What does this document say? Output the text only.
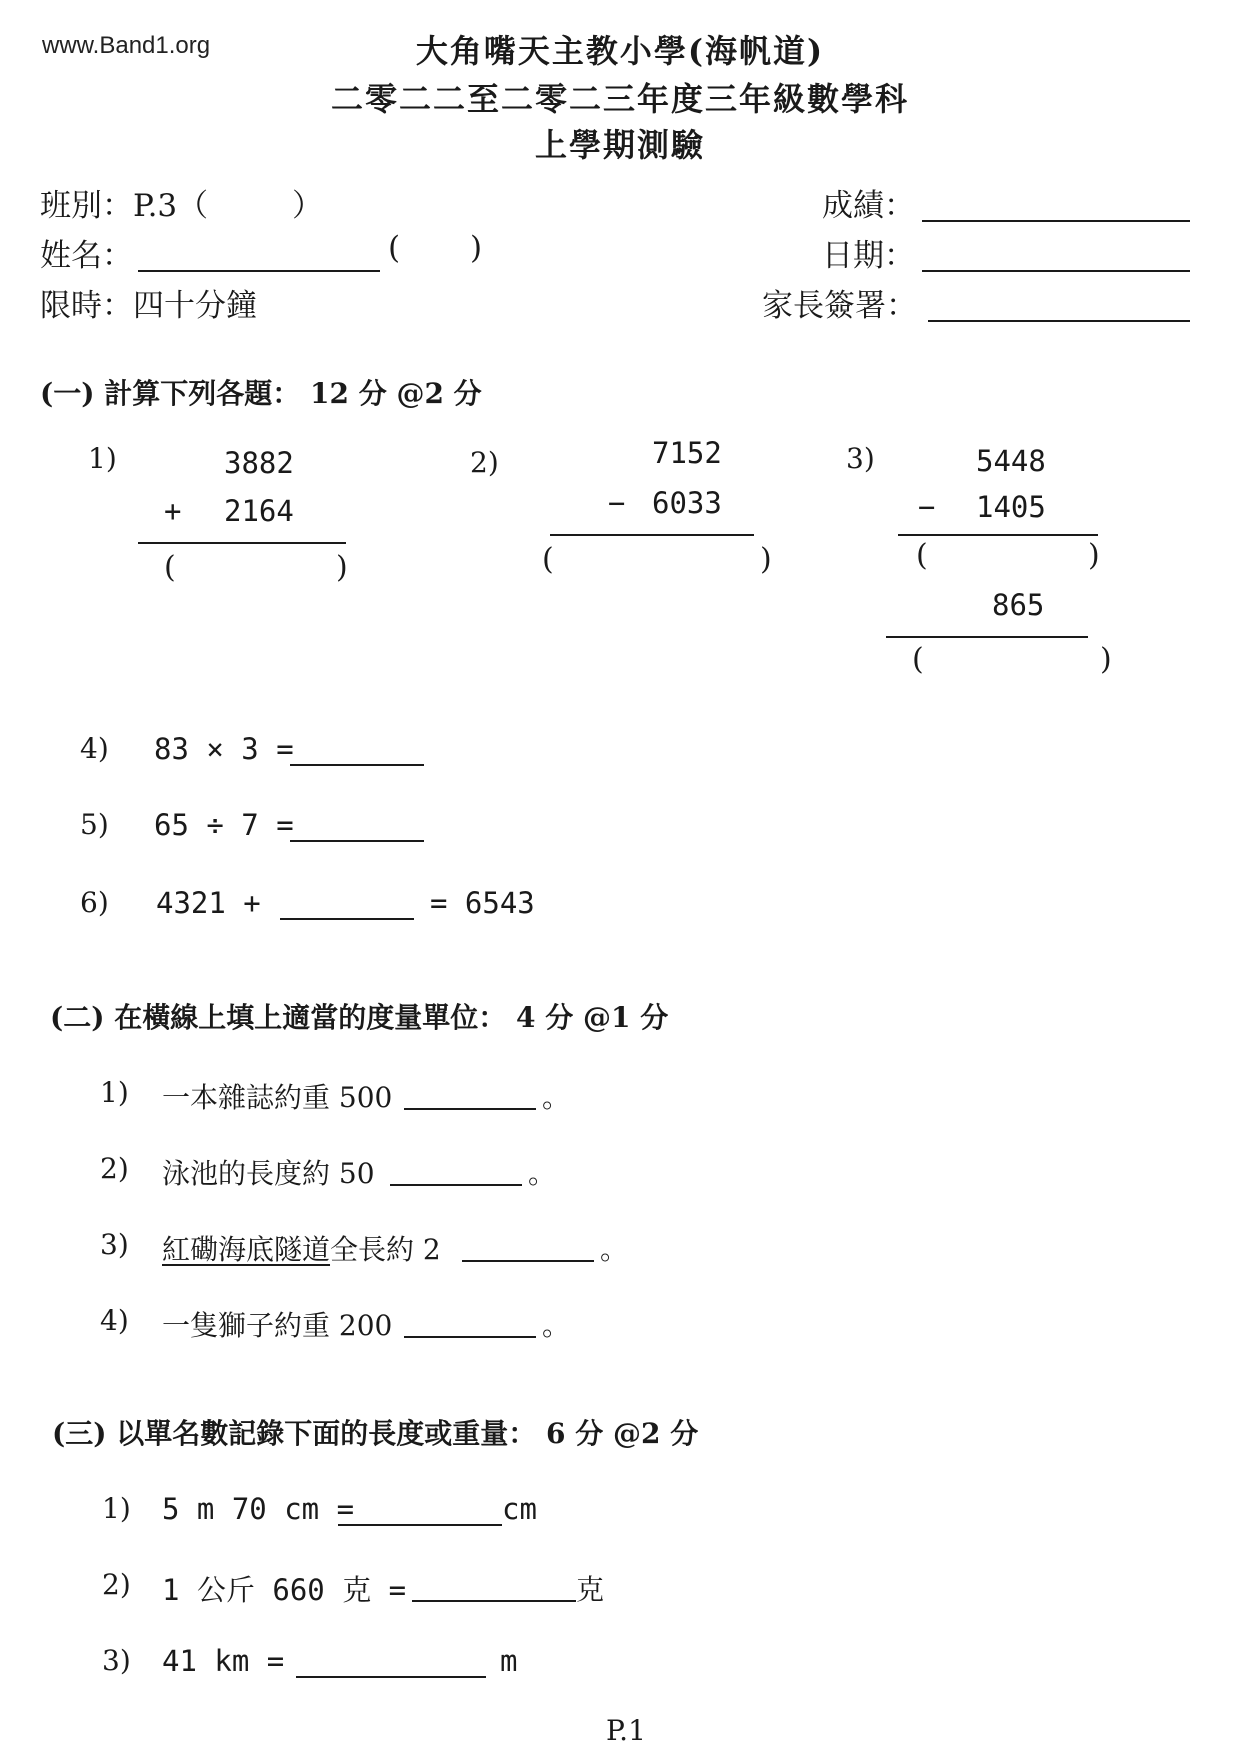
www.Band1.org	大角嘴天主教小學(海帆道)
二零二二至二零二三年度三年級數學科
上學期測驗
班別：P.3（	）
姓名：	( )
限時：四十分鐘
成績：
日期：
家長簽署：
(一) 計算下列各題： 12 分 @2 分
1)	3882
+ 2164
(	)
2)	7152
− 6033
(	)
3)	5448
− 1405
(	)
865
(	)
4) 83 × 3 =
5) 65 ÷ 7 =
6) 4321 +	= 6543
(二) 在橫線上填上適當的度量單位： 4 分 @1 分
1) 一本雜誌約重 500	。
2) 泳池的長度約 50	。
3) 紅磡海底隧道全長約 2	。
4) 一隻獅子約重 200	。
(三) 以單名數記錄下面的長度或重量： 6 分 @2 分
1) 5 m 70 cm =	cm
2) 1 公斤 660 克 =	克
3) 41 km =	m
P.1
